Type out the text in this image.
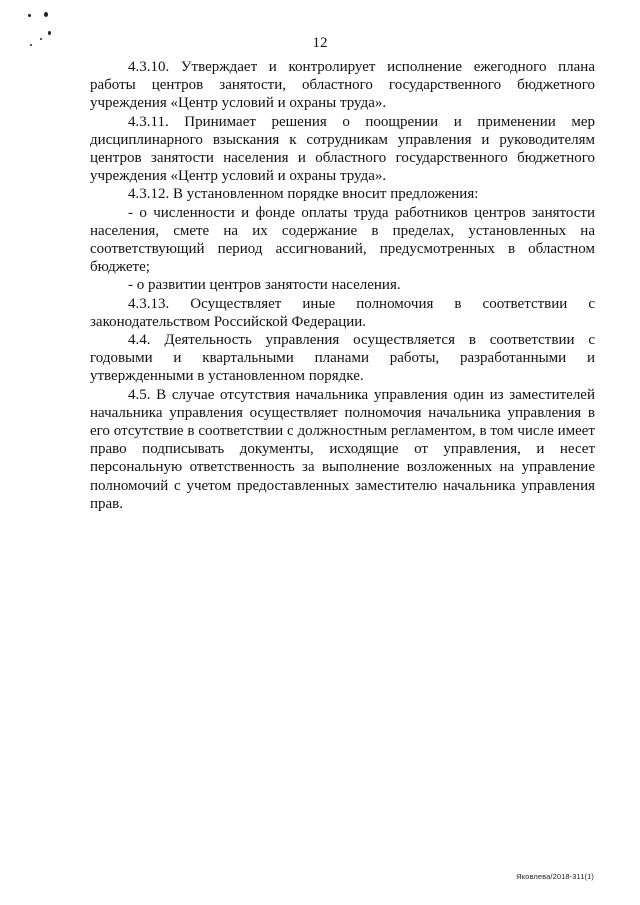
12

4.3.10. Утверждает и контролирует исполнение ежегодного плана работы центров занятости, областного государственного бюджетного учреждения «Центр условий и охраны труда».

4.3.11. Принимает решения о поощрении и применении мер дисциплинарного взыскания к сотрудникам управления и руководителям центров занятости населения и областного государственного бюджетного учреждения «Центр условий и охраны труда».

4.3.12. В установленном порядке вносит предложения:

- о численности и фонде оплаты труда работников центров занятости населения, смете на их содержание в пределах, установленных на соответствующий период ассигнований, предусмотренных в областном бюджете;

- о развитии центров занятости населения.

4.3.13. Осуществляет иные полномочия в соответствии с законодательством Российской Федерации.

4.4. Деятельность управления осуществляется в соответствии с годовыми и квартальными планами работы, разработанными и утвержденными в установленном порядке.

4.5. В случае отсутствия начальника управления один из заместителей начальника управления осуществляет полномочия начальника управления в его отсутствие в соответствии с должностным регламентом, в том числе имеет право подписывать документы, исходящие от управления, и несет персональную ответственность за выполнение возложенных на управление полномочий с учетом предоставленных заместителю начальника управления прав.

Яковлева/2018-311(1)
